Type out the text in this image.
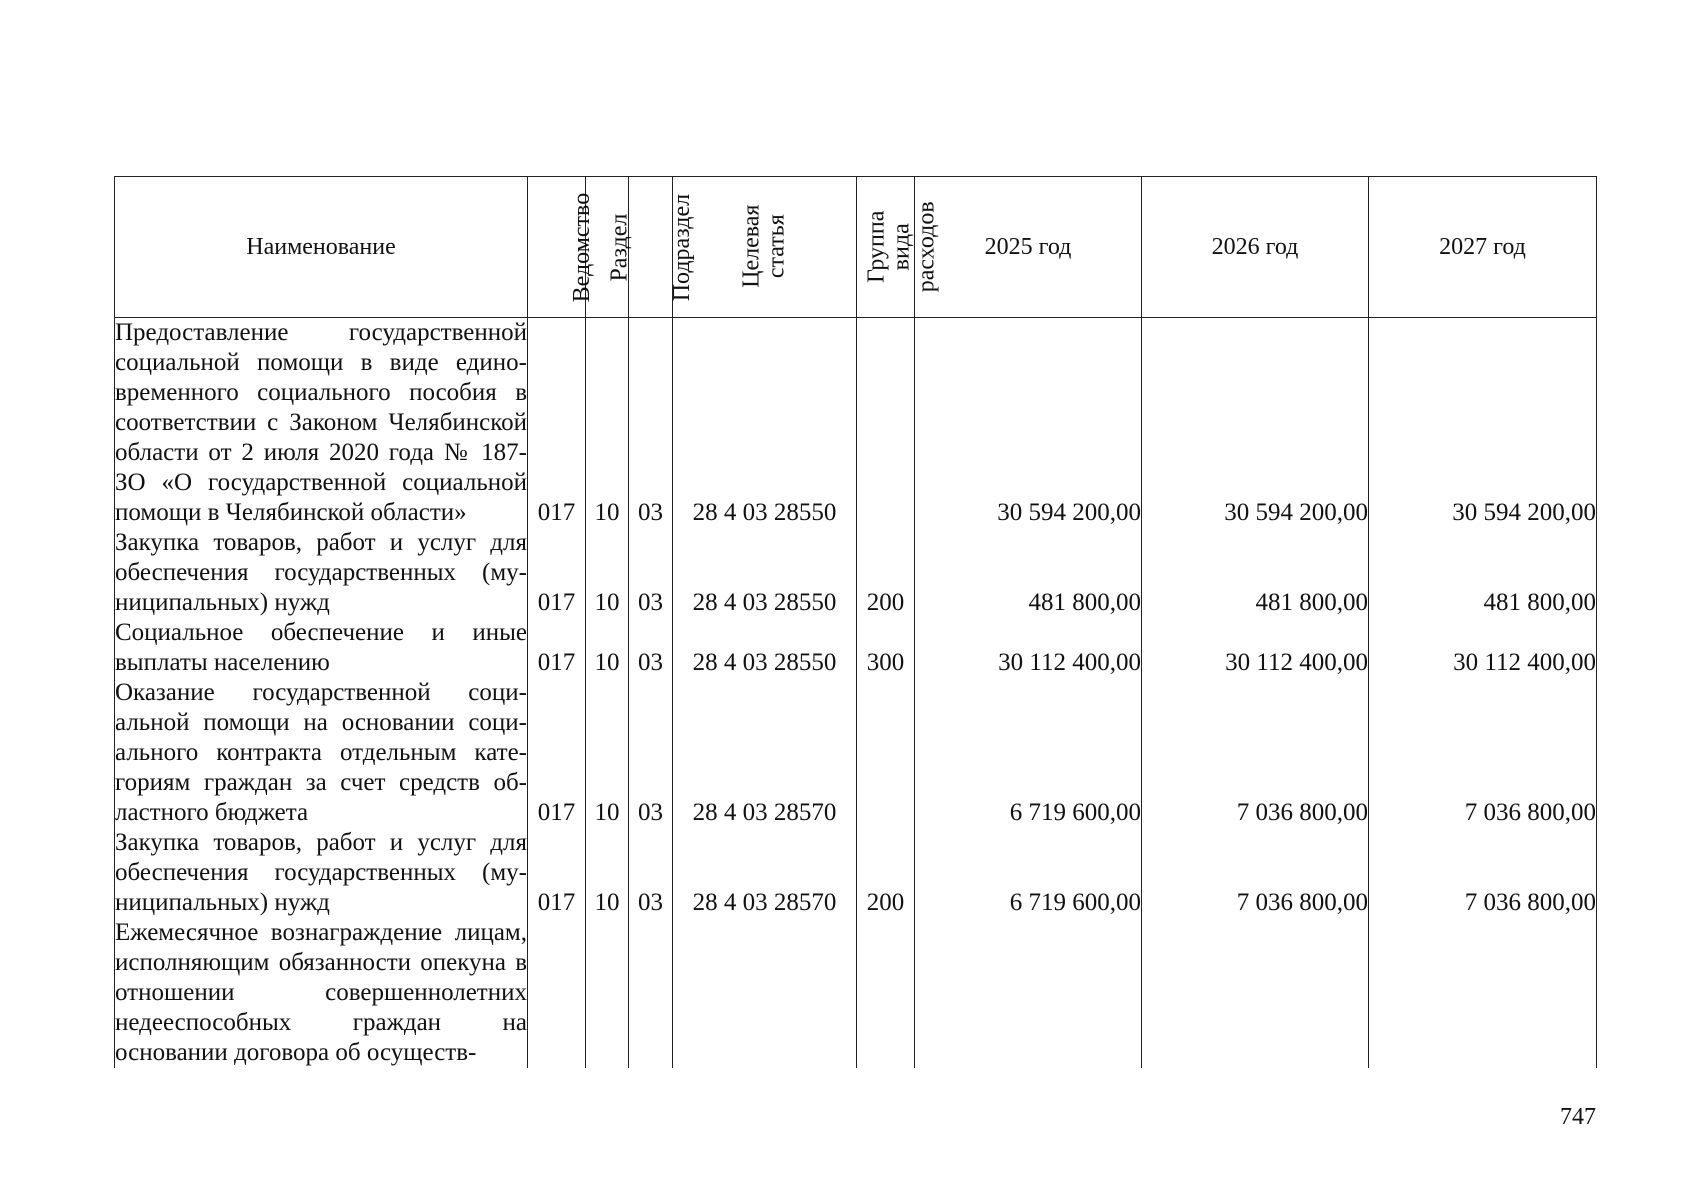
Наименование	Ведомство	Раздел	Подраздел	Целевая
статья	Группа вида
расходов	2025 год	2026 год	2027 год
Предоставление государственной социальной помощи в виде единовременного социального пособия в соответствии с Законом Челябинской области от 2 июля 2020 года № 187-ЗО «О государственной социальной помощи в Челябинской области»	017	10	03	28 4 03 28550		30 594 200,00	30 594 200,00	30 594 200,00
Закупка товаров, работ и услуг для обеспечения государственных (муниципальных) нужд	017	10	03	28 4 03 28550	200	481 800,00	481 800,00	481 800,00
Социальное обеспечение и иные выплаты населению	017	10	03	28 4 03 28550	300	30 112 400,00	30 112 400,00	30 112 400,00
Оказание государственной социальной помощи на основании социального контракта отдельным категориям граждан за счет средств областного бюджета	017	10	03	28 4 03 28570		6 719 600,00	7 036 800,00	7 036 800,00
Закупка товаров, работ и услуг для обеспечения государственных (муниципальных) нужд	017	10	03	28 4 03 28570	200	6 719 600,00	7 036 800,00	7 036 800,00
Ежемесячное вознаграждение лицам, исполняющим обязанности опекуна в отношении совершеннолетних недееспособных граждан на основании договора об осуществ-								
747
